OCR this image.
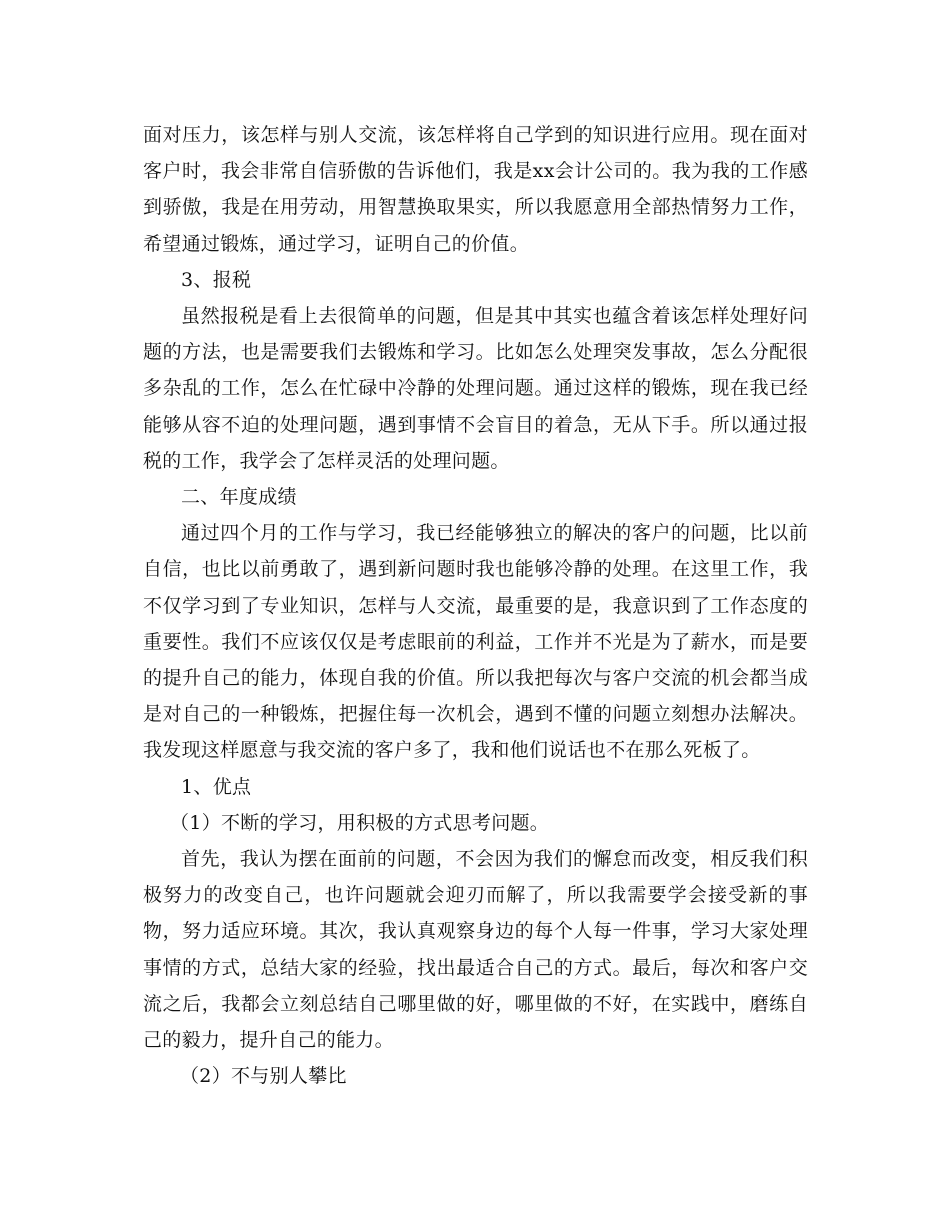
面对压力，该怎样与别人交流，该怎样将自己学到的知识进行应用。现在面对客户时，我会非常自信骄傲的告诉他们，我是xx会计公司的。我为我的工作感到骄傲，我是在用劳动，用智慧换取果实，所以我愿意用全部热情努力工作，希望通过锻炼，通过学习，证明自己的价值。

3、报税

虽然报税是看上去很简单的问题，但是其中其实也蕴含着该怎样处理好问题的方法，也是需要我们去锻炼和学习。比如怎么处理突发事故，怎么分配很多杂乱的工作，怎么在忙碌中冷静的处理问题。通过这样的锻炼，现在我已经能够从容不迫的处理问题，遇到事情不会盲目的着急，无从下手。所以通过报税的工作，我学会了怎样灵活的处理问题。

二、年度成绩

通过四个月的工作与学习，我已经能够独立的解决的客户的问题，比以前自信，也比以前勇敢了，遇到新问题时我也能够冷静的处理。在这里工作，我不仅学习到了专业知识，怎样与人交流，最重要的是，我意识到了工作态度的重要性。我们不应该仅仅是考虑眼前的利益，工作并不光是为了薪水，而是要的提升自己的能力，体现自我的价值。所以我把每次与客户交流的机会都当成是对自己的一种锻炼，把握住每一次机会，遇到不懂的问题立刻想办法解决。我发现这样愿意与我交流的客户多了，我和他们说话也不在那么死板了。

1、优点

（1）不断的学习，用积极的方式思考问题。

首先，我认为摆在面前的问题，不会因为我们的懈怠而改变，相反我们积极努力的改变自己，也许问题就会迎刃而解了，所以我需要学会接受新的事物，努力适应环境。其次，我认真观察身边的每个人每一件事，学习大家处理事情的方式，总结大家的经验，找出最适合自己的方式。最后，每次和客户交流之后，我都会立刻总结自己哪里做的好，哪里做的不好，在实践中，磨练自己的毅力，提升自己的能力。

（2）不与别人攀比
